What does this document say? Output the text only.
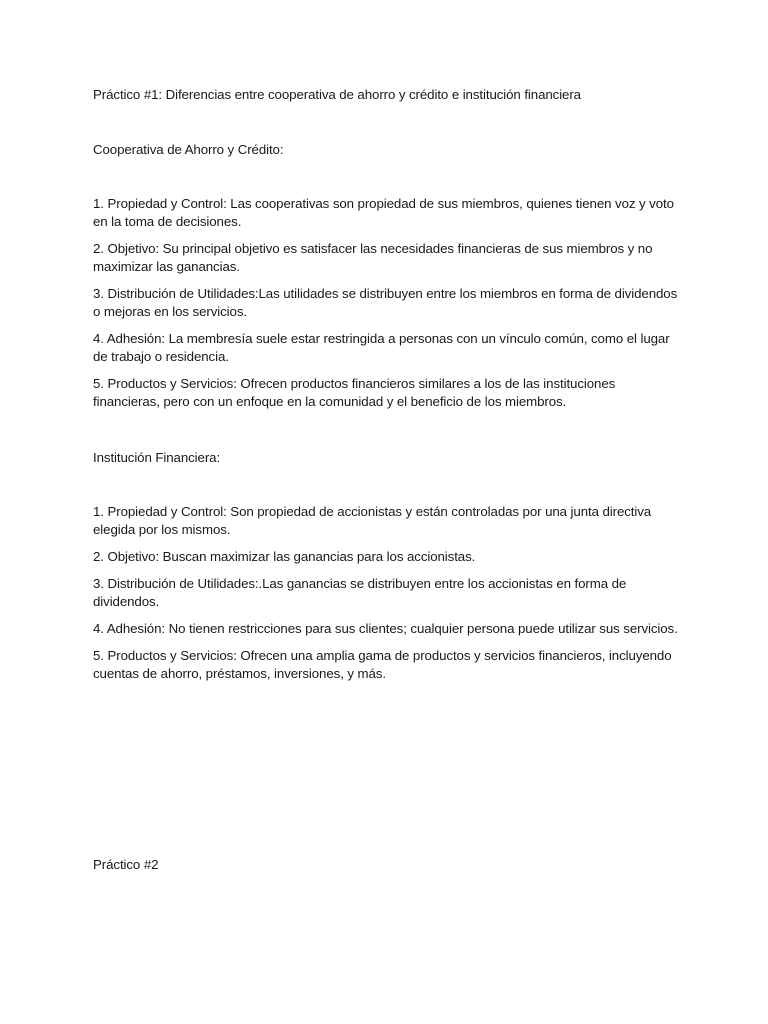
Práctico #1: Diferencias entre cooperativa de ahorro y crédito e institución financiera

Cooperativa de Ahorro y Crédito:

1. Propiedad y Control: Las cooperativas son propiedad de sus miembros, quienes tienen voz y voto en la toma de decisiones.
2. Objetivo: Su principal objetivo es satisfacer las necesidades financieras de sus miembros y no maximizar las ganancias.
3. Distribución de Utilidades:Las utilidades se distribuyen entre los miembros en forma de dividendos o mejoras en los servicios.
4. Adhesión: La membresía suele estar restringida a personas con un vínculo común, como el lugar de trabajo o residencia.
5. Productos y Servicios: Ofrecen productos financieros similares a los de las instituciones financieras, pero con un enfoque en la comunidad y el beneficio de los miembros.

Institución Financiera:

1. Propiedad y Control: Son propiedad de accionistas y están controladas por una junta directiva elegida por los mismos.
2. Objetivo: Buscan maximizar las ganancias para los accionistas.
3. Distribución de Utilidades:.Las ganancias se distribuyen entre los accionistas en forma de dividendos.
4. Adhesión: No tienen restricciones para sus clientes; cualquier persona puede utilizar sus servicios.
5. Productos y Servicios: Ofrecen una amplia gama de productos y servicios financieros, incluyendo cuentas de ahorro, préstamos, inversiones, y más.

Práctico #2
